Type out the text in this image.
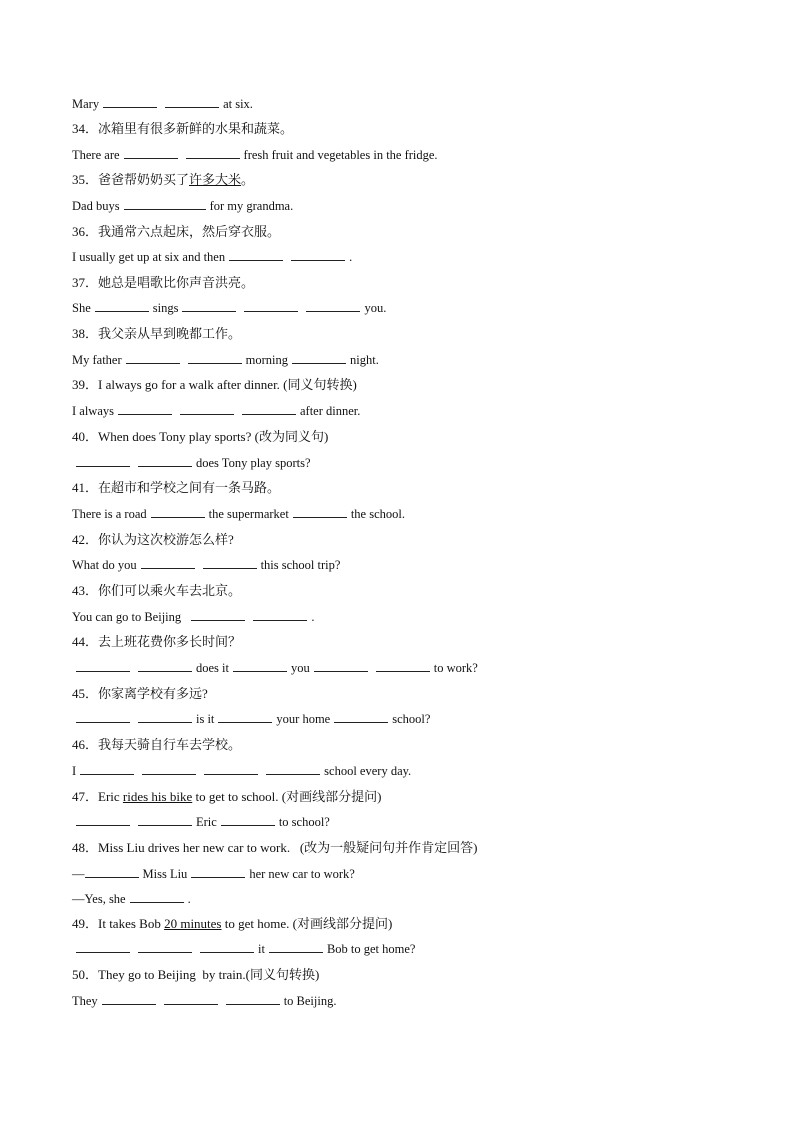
Mary	at six.
34．冰箱里有很多新鲜的水果和蔬菜。
There are	fresh fruit and vegetables in the fridge.
35．爸爸帮奶奶买了许多大米。
Dad buys	for my grandma.
36．我通常六点起床，然后穿衣服。
I usually get up at six and then	.
37．她总是唱歌比你声音洪亮。
She	sings	you.
38．我父亲从早到晚都工作。
My father	morning	night.
39．I always go for a walk after dinner. (同义句转换)
I always	after dinner.
40．When does Tony play sports? (改为同义句)
does Tony play sports?
41．在超市和学校之间有一条马路。
There is a road	the supermarket	the school.
42．你认为这次校游怎么样?
What do you	this school trip?
43．你们可以乘火车去北京。
You can go to Beijing	.
44．去上班花费你多长时间？
does it	you	to work?
45．你家离学校有多远?
is it	your home	school?
46．我每天骑自行车去学校。
I	school every day.
47．Eric rides his bike to get to school. (对画线部分提问)
Eric	to school?
48．Miss Liu drives her new car to work.   (改为一般疑问句并作肯定回答)
—	Miss Liu	her new car to work?
—Yes, she	.
49．It takes Bob 20 minutes to get home. (对画线部分提问)
it	Bob to get home?
50．They go to Beijing  by train.(同义句转换)
They	to Beijing.
